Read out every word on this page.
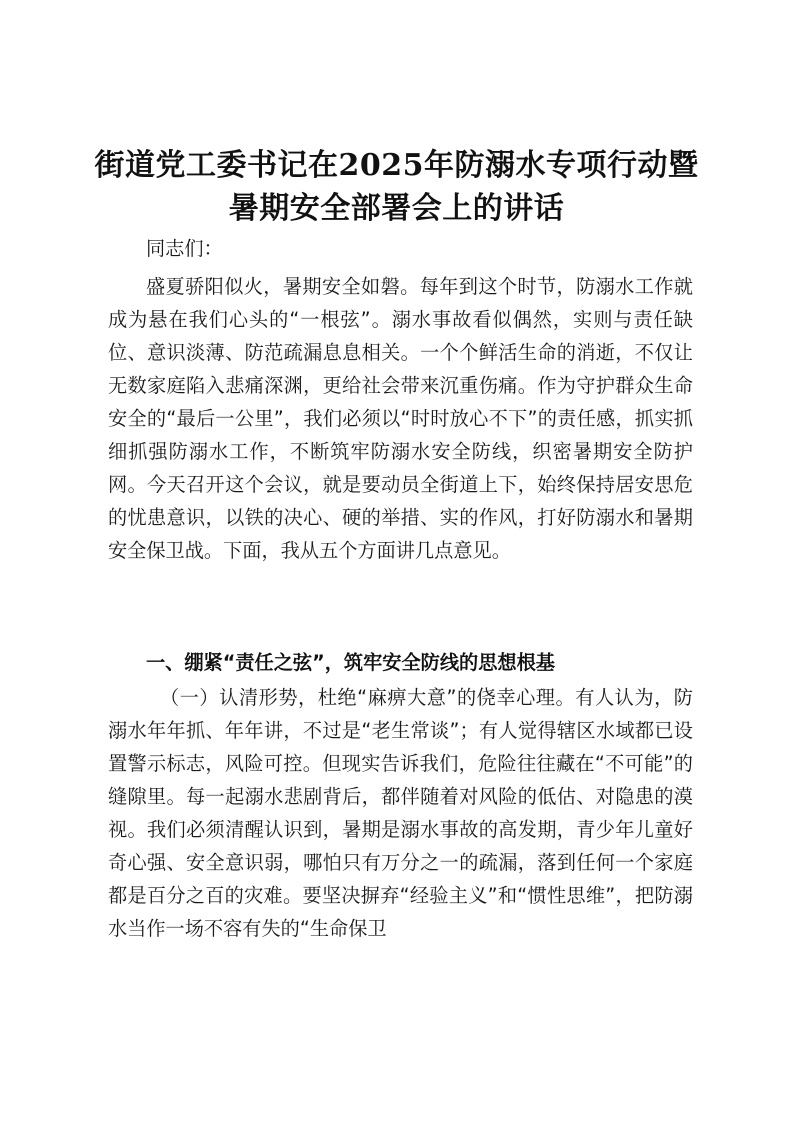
街道党工委书记在2025年防溺水专项行动暨
暑期安全部署会上的讲话
同志们：
盛夏骄阳似火，暑期安全如磐。每年到这个时节，防溺水工作就成为悬在我们心头的“一根弦”。溺水事故看似偶然，实则与责任缺位、意识淡薄、防范疏漏息息相关。一个个鲜活生命的消逝，不仅让无数家庭陷入悲痛深渊，更给社会带来沉重伤痛。作为守护群众生命安全的“最后一公里”，我们必须以“时时放心不下”的责任感，抓实抓细抓强防溺水工作，不断筑牢防溺水安全防线，织密暑期安全防护网。今天召开这个会议，就是要动员全街道上下，始终保持居安思危的忧患意识，以铁的决心、硬的举措、实的作风，打好防溺水和暑期安全保卫战。下面，我从五个方面讲几点意见。
一、绷紧“责任之弦”，筑牢安全防线的思想根基
（一）认清形势，杜绝“麻痹大意”的侥幸心理。有人认为，防溺水年年抓、年年讲，不过是“老生常谈”；有人觉得辖区水域都已设置警示标志，风险可控。但现实告诉我们，危险往往藏在“不可能”的缝隙里。每一起溺水悲剧背后，都伴随着对风险的低估、对隐患的漠视。我们必须清醒认识到，暑期是溺水事故的高发期，青少年儿童好奇心强、安全意识弱，哪怕只有万分之一的疏漏，落到任何一个家庭都是百分之百的灾难。要坚决摒弃“经验主义”和“惯性思维”，把防溺水当作一场不容有失的“生命保卫
